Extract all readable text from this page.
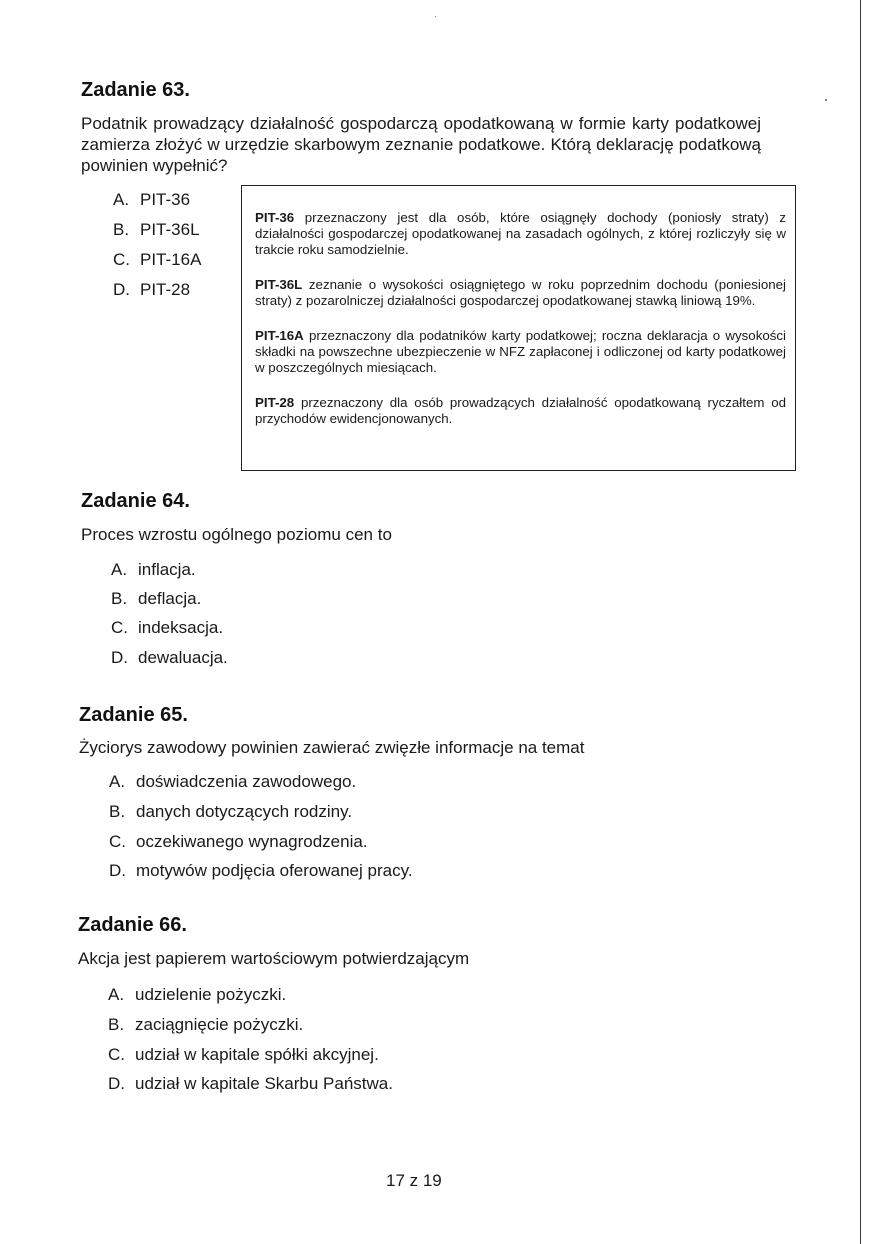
Zadanie 63.

Podatnik prowadzący działalność gospodarczą opodatkowaną w formie karty podatkowej zamierza złożyć w urzędzie skarbowym zeznanie podatkowe. Którą deklarację podatkową powinien wypełnić?

A. PIT-36
B. PIT-36L
C. PIT-16A
D. PIT-28

PIT-36 przeznaczony jest dla osób, które osiągnęły dochody (poniosły straty) z działalności gospodarczej opodatkowanej na zasadach ogólnych, z której rozliczyły się w trakcie roku samodzielnie.

PIT-36L zeznanie o wysokości osiągniętego w roku poprzednim dochodu (poniesionej straty) z pozarolniczej działalności gospodarczej opodatkowanej stawką liniową 19%.

PIT-16A przeznaczony dla podatników karty podatkowej; roczna deklaracja o wysokości składki na powszechne ubezpieczenie w NFZ zapłaconej i odliczonej od karty podatkowej w poszczególnych miesiącach.

PIT-28 przeznaczony dla osób prowadzących działalność opodatkowaną ryczałtem od przychodów ewidencjonowanych.

Zadanie 64.

Proces wzrostu ogólnego poziomu cen to

A. inflacja.
B. deflacja.
C. indeksacja.
D. dewaluacja.
Zadanie 65.

Życiorys zawodowy powinien zawierać zwięzłe informacje na temat

A. doświadczenia zawodowego.
B. danych dotyczących rodziny.
C. oczekiwanego wynagrodzenia.
D. motywów podjęcia oferowanej pracy.
Zadanie 66.

Akcja jest papierem wartościowym potwierdzającym

A. udzielenie pożyczki.
B. zaciągnięcie pożyczki.
C. udział w kapitale spółki akcyjnej.
D. udział w kapitale Skarbu Państwa.
17 z 19
